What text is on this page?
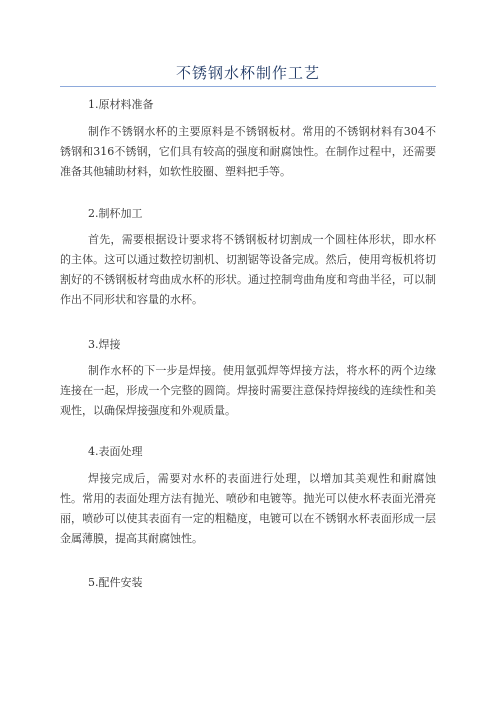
不锈钢水杯制作工艺
1.原材料准备

制作不锈钢水杯的主要原料是不锈钢板材。常用的不锈钢材料有304不锈钢和316不锈钢，它们具有较高的强度和耐腐蚀性。在制作过程中，还需要准备其他辅助材料，如软性胶圈、塑料把手等。

2.制杯加工

首先，需要根据设计要求将不锈钢板材切割成一个圆柱体形状，即水杯的主体。这可以通过数控切割机、切割锯等设备完成。然后，使用弯板机将切割好的不锈钢板材弯曲成水杯的形状。通过控制弯曲角度和弯曲半径，可以制作出不同形状和容量的水杯。

3.焊接

制作水杯的下一步是焊接。使用氩弧焊等焊接方法，将水杯的两个边缘连接在一起，形成一个完整的圆筒。焊接时需要注意保持焊接线的连续性和美观性，以确保焊接强度和外观质量。

4.表面处理

焊接完成后，需要对水杯的表面进行处理，以增加其美观性和耐腐蚀性。常用的表面处理方法有抛光、喷砂和电镀等。抛光可以使水杯表面光滑亮丽，喷砂可以使其表面有一定的粗糙度，电镀可以在不锈钢水杯表面形成一层金属薄膜，提高其耐腐蚀性。

5.配件安装
